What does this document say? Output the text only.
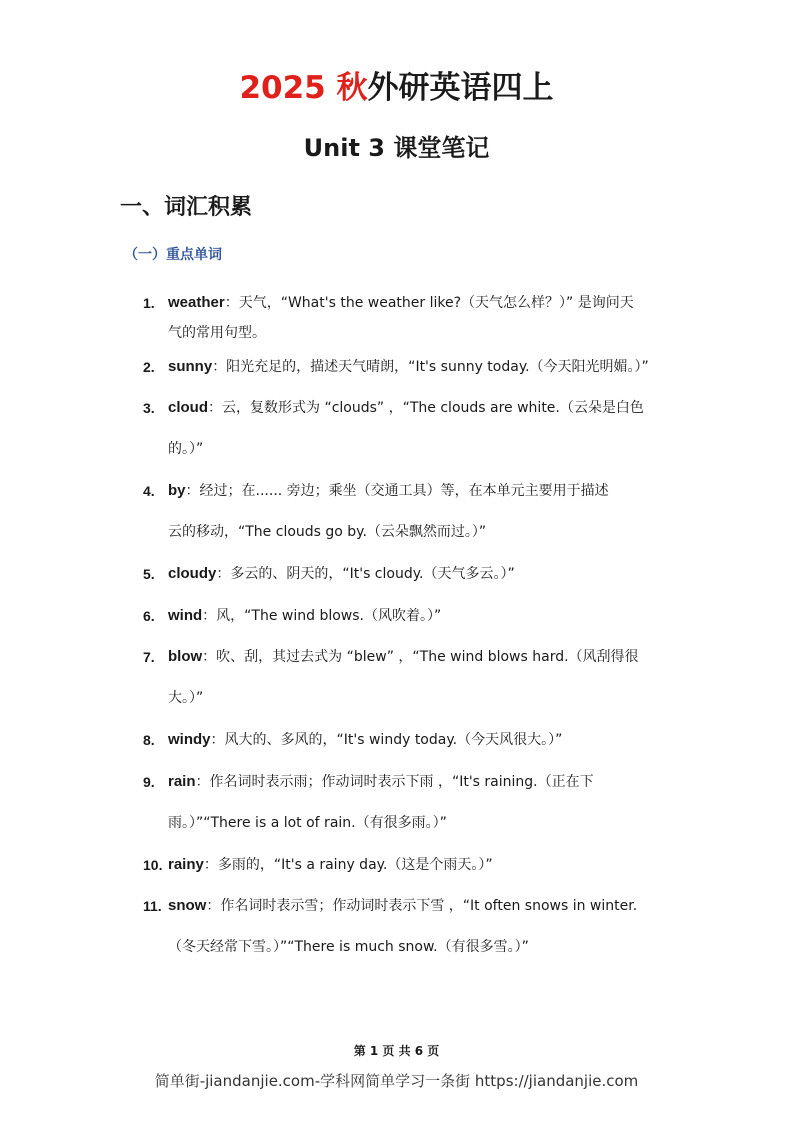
2025 秋外研英语四上
Unit 3 课堂笔记
一、词汇积累
（一）重点单词
1. weather：天气，“What's the weather like?（天气怎么样？）” 是询问天
气的常用句型。
2. sunny：阳光充足的，描述天气晴朗，“It's sunny today.（今天阳光明媚。）”
3. cloud：云，复数形式为 “clouds” ，“The clouds are white.（云朵是白色
的。）”
4. by：经过；在...... 旁边；乘坐（交通工具）等，在本单元主要用于描述
云的移动，“The clouds go by.（云朵飘然而过。）”
5. cloudy：多云的、阴天的，“It's cloudy.（天气多云。）”
6. wind：风，“The wind blows.（风吹着。）”
7. blow：吹、刮，其过去式为 “blew” ，“The wind blows hard.（风刮得很
大。）”
8. windy：风大的、多风的，“It's windy today.（今天风很大。）”
9. rain：作名词时表示雨；作动词时表示下雨 ，“It's raining.（正在下
雨。）”“There is a lot of rain.（有很多雨。）”
10. rainy：多雨的，“It's a rainy day.（这是个雨天。）”
11. snow：作名词时表示雪；作动词时表示下雪 ，“It often snows in winter.
（冬天经常下雪。）”“There is much snow.（有很多雪。）”
第 1 页 共 6 页
简单街-jiandanjie.com-学科网简单学习一条街 https://jiandanjie.com
